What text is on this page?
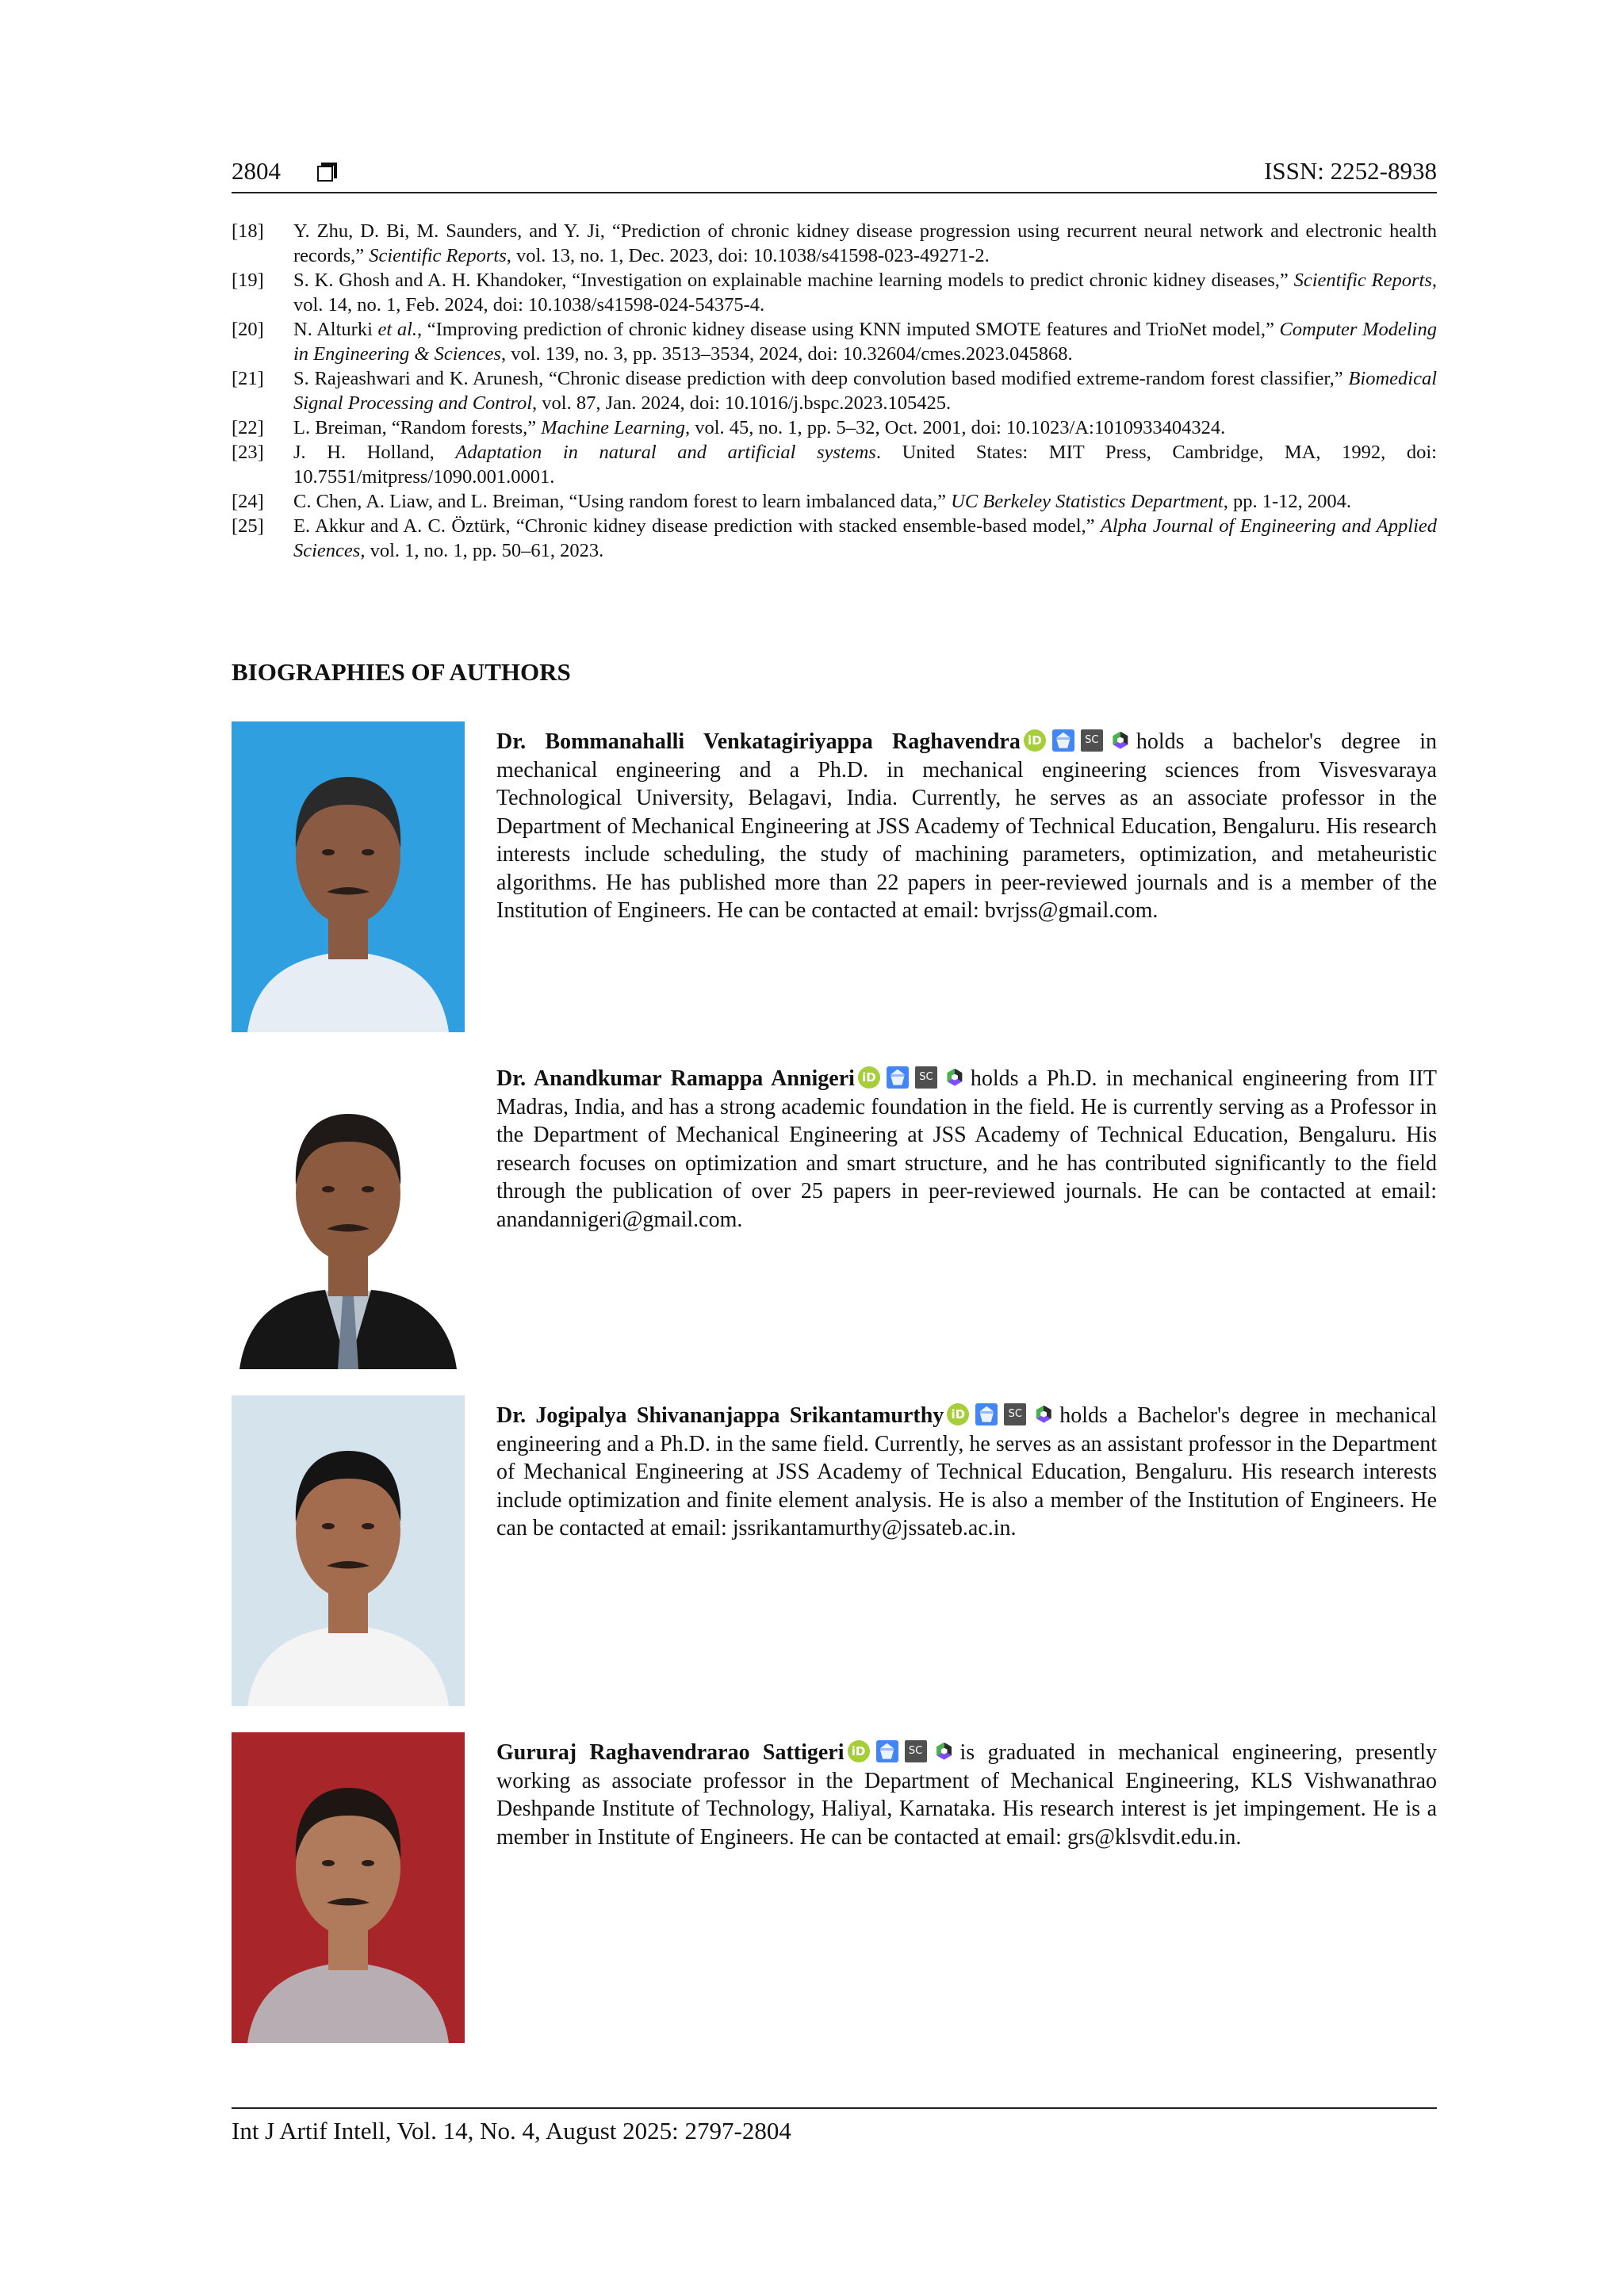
2804	ISSN: 2252-8938
[18]	Y. Zhu, D. Bi, M. Saunders, and Y. Ji, “Prediction of chronic kidney disease progression using recurrent neural network and electronic health records,” Scientific Reports, vol. 13, no. 1, Dec. 2023, doi: 10.1038/s41598-023-49271-2.
[19]	S. K. Ghosh and A. H. Khandoker, “Investigation on explainable machine learning models to predict chronic kidney diseases,” Scientific Reports, vol. 14, no. 1, Feb. 2024, doi: 10.1038/s41598-024-54375-4.
[20]	N. Alturki et al., “Improving prediction of chronic kidney disease using KNN imputed SMOTE features and TrioNet model,” Computer Modeling in Engineering & Sciences, vol. 139, no. 3, pp. 3513–3534, 2024, doi: 10.32604/cmes.2023.045868.
[21]	S. Rajeashwari and K. Arunesh, “Chronic disease prediction with deep convolution based modified extreme-random forest classifier,” Biomedical Signal Processing and Control, vol. 87, Jan. 2024, doi: 10.1016/j.bspc.2023.105425.
[22]	L. Breiman, “Random forests,” Machine Learning, vol. 45, no. 1, pp. 5–32, Oct. 2001, doi: 10.1023/A:1010933404324.
[23]	J. H. Holland, Adaptation in natural and artificial systems. United States: MIT Press, Cambridge, MA, 1992, doi: 10.7551/mitpress/1090.001.0001.
[24]	C. Chen, A. Liaw, and L. Breiman, “Using random forest to learn imbalanced data,” UC Berkeley Statistics Department, pp. 1-12, 2004.
[25]	E. Akkur and A. C. Öztürk, “Chronic kidney disease prediction with stacked ensemble-based model,” Alpha Journal of Engineering and Applied Sciences, vol. 1, no. 1, pp. 50–61, 2023.
BIOGRAPHIES OF AUTHORS
Dr. Bommanahalli Venkatagiriyappa Raghavendra iD	SC holds a bachelor's degree in mechanical engineering and a Ph.D. in mechanical engineering sciences from Visvesvaraya Technological University, Belagavi, India. Currently, he serves as an associate professor in the Department of Mechanical Engineering at JSS Academy of Technical Education, Bengaluru. His research interests include scheduling, the study of machining parameters, optimization, and metaheuristic algorithms. He has published more than 22 papers in peer-reviewed journals and is a member of the Institution of Engineers. He can be contacted at email: bvrjss@gmail.com.
Dr. Anandkumar Ramappa Annigeri iD	SC holds a Ph.D. in mechanical engineering from IIT Madras, India, and has a strong academic foundation in the field. He is currently serving as a Professor in the Department of Mechanical Engineering at JSS Academy of Technical Education, Bengaluru. His research focuses on optimization and smart structure, and he has contributed significantly to the field through the publication of over 25 papers in peer-reviewed journals. He can be contacted at email: anandannigeri@gmail.com.
Dr. Jogipalya Shivananjappa Srikantamurthy iD	SC holds a Bachelor's degree in mechanical engineering and a Ph.D. in the same field. Currently, he serves as an assistant professor in the Department of Mechanical Engineering at JSS Academy of Technical Education, Bengaluru. His research interests include optimization and finite element analysis. He is also a member of the Institution of Engineers. He can be contacted at email: jssrikantamurthy@jssateb.ac.in.
Gururaj Raghavendrarao Sattigeri iD	SC is graduated in mechanical engineering, presently working as associate professor in the Department of Mechanical Engineering, KLS Vishwanathrao Deshpande Institute of Technology, Haliyal, Karnataka. His research interest is jet impingement. He is a member in Institute of Engineers. He can be contacted at email: grs@klsvdit.edu.in.
Int J Artif Intell, Vol. 14, No. 4, August 2025: 2797-2804
